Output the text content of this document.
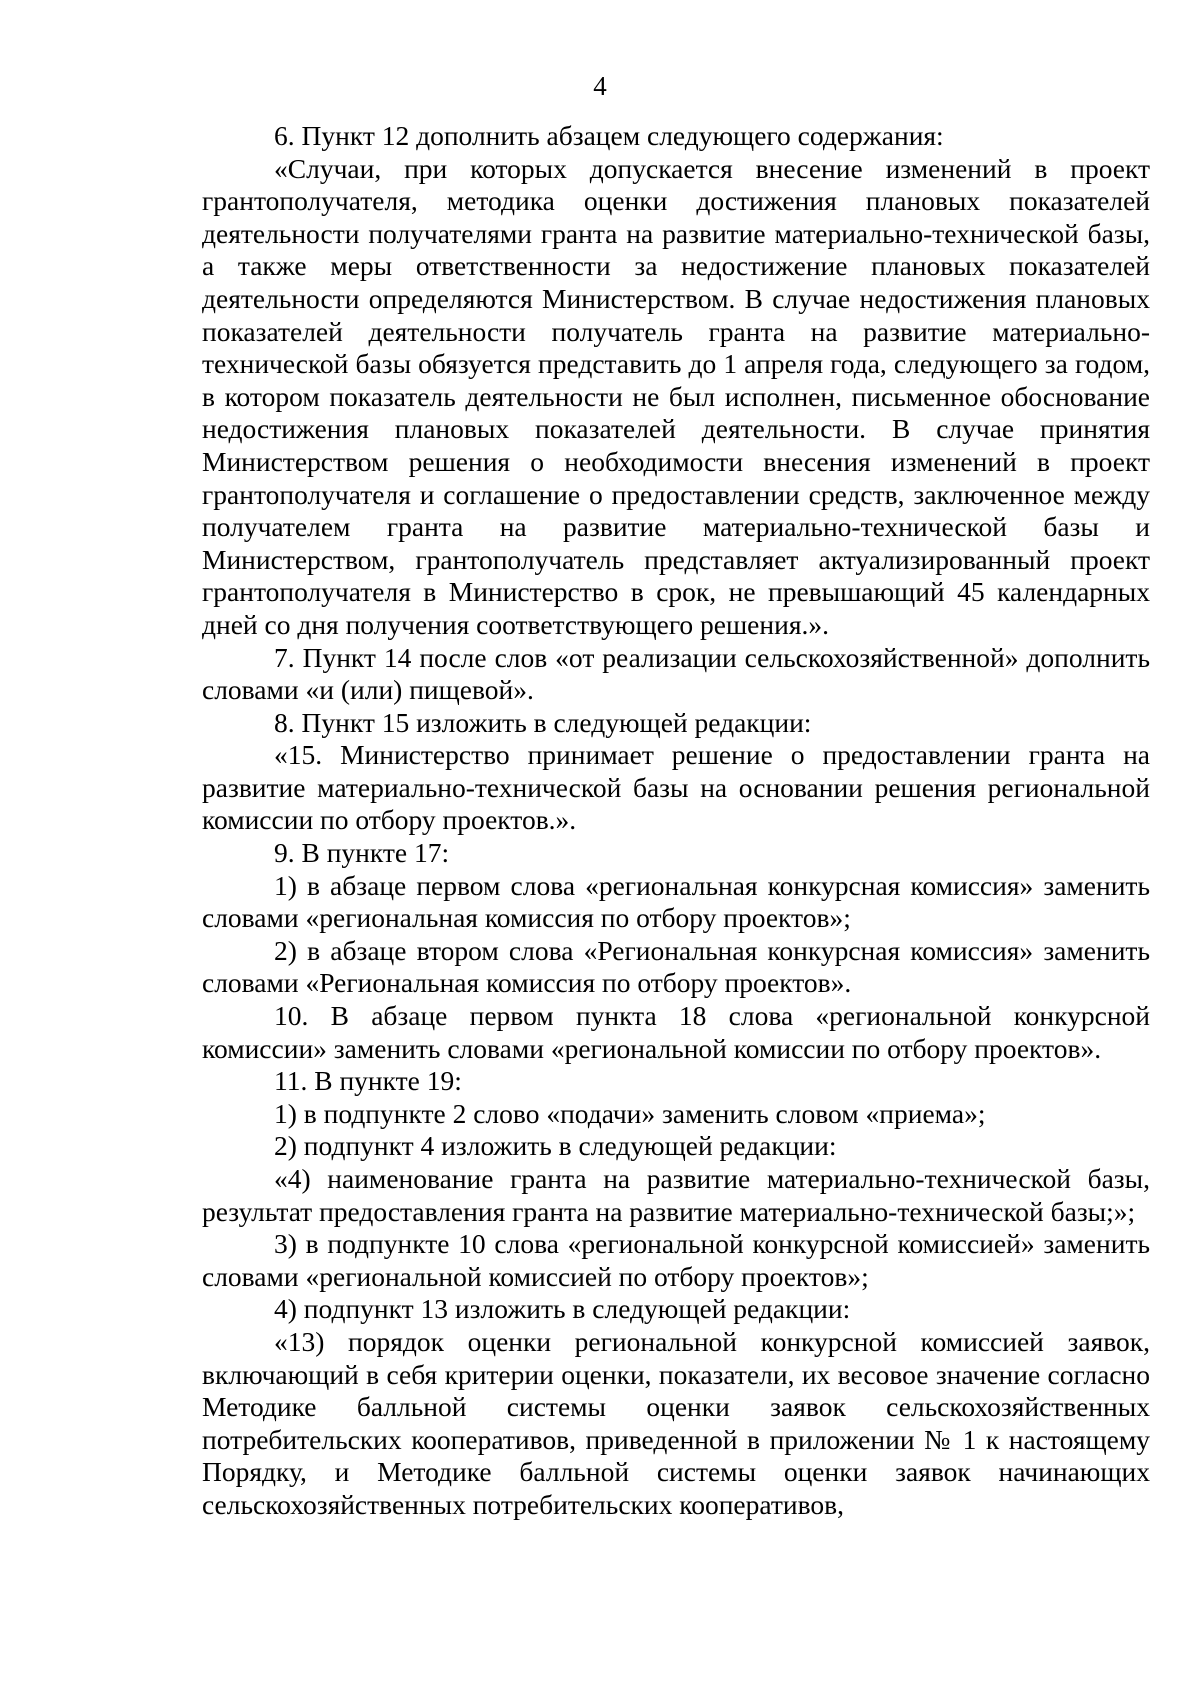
4

6. Пункт 12 дополнить абзацем следующего содержания:

«Случаи, при которых допускается внесение изменений в проект грантополучателя, методика оценки достижения плановых показателей деятельности получателями гранта на развитие материально-технической базы, а также меры ответственности за недостижение плановых показателей деятельности определяются Министерством. В случае недостижения плановых показателей деятельности получатель гранта на развитие материально-технической базы обязуется представить до 1 апреля года, следующего за годом, в котором показатель деятельности не был исполнен, письменное обоснование недостижения плановых показателей деятельности. В случае принятия Министерством решения о необходимости внесения изменений в проект грантополучателя и соглашение о предоставлении средств, заключенное между получателем гранта на развитие материально-технической базы и Министерством, грантополучатель представляет актуализированный проект грантополучателя в Министерство в срок, не превышающий 45 календарных дней со дня получения соответствующего решения.».

7. Пункт 14 после слов «от реализации сельскохозяйственной» дополнить словами «и (или) пищевой».

8. Пункт 15 изложить в следующей редакции:

«15. Министерство принимает решение о предоставлении гранта на развитие материально-технической базы на основании решения региональной комиссии по отбору проектов.».

9. В пункте 17:

1) в абзаце первом слова «региональная конкурсная комиссия» заменить словами «региональная комиссия по отбору проектов»;

2) в абзаце втором слова «Региональная конкурсная комиссия» заменить словами «Региональная комиссия по отбору проектов».

10. В абзаце первом пункта 18 слова «региональной конкурсной комиссии» заменить словами «региональной комиссии по отбору проектов».

11. В пункте 19:

1) в подпункте 2 слово «подачи» заменить словом «приема»;

2) подпункт 4 изложить в следующей редакции:

«4) наименование гранта на развитие материально-технической базы, результат предоставления гранта на развитие материально-технической базы;»;

3) в подпункте 10 слова «региональной конкурсной комиссией» заменить словами «региональной комиссией по отбору проектов»;

4) подпункт 13 изложить в следующей редакции:

«13) порядок оценки региональной конкурсной комиссией заявок, включающий в себя критерии оценки, показатели, их весовое значение согласно Методике балльной системы оценки заявок сельскохозяйственных потребительских кооперативов, приведенной в приложении № 1 к настоящему Порядку, и Методике балльной системы оценки заявок начинающих сельскохозяйственных потребительских кооперативов,
